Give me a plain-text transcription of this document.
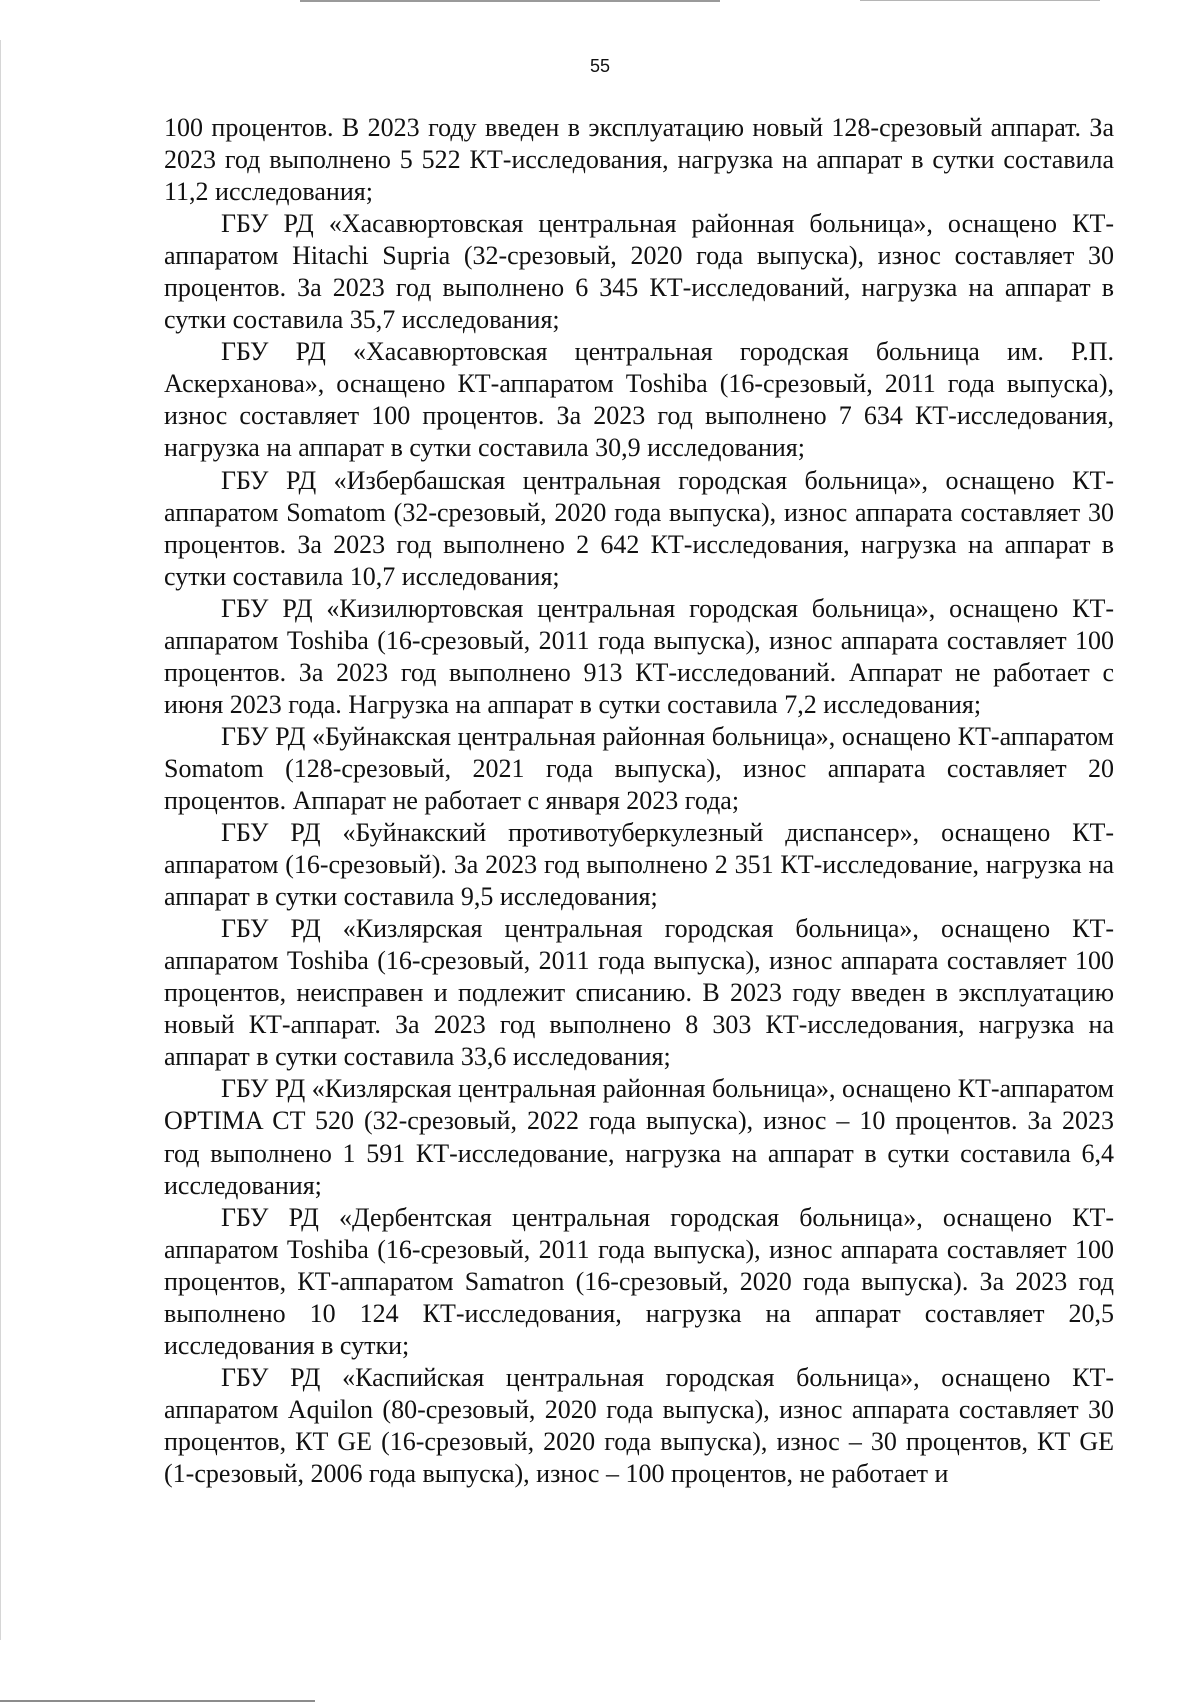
55

100 процентов. В 2023 году введен в эксплуатацию новый 128-срезовый аппарат. За 2023 год выполнено 5 522 КТ-исследования, нагрузка на аппарат в сутки составила 11,2 исследования;

ГБУ РД «Хасавюртовская центральная районная больница», оснащено КТ-аппаратом Hitachi Supria (32-срезовый, 2020 года выпуска), износ составляет 30 процентов. За 2023 год выполнено 6 345 КТ-исследований, нагрузка на аппарат в сутки составила 35,7 исследования;

ГБУ РД «Хасавюртовская центральная городская больница им. Р.П. Аскерханова», оснащено КТ-аппаратом Toshiba (16-срезовый, 2011 года выпуска), износ составляет 100 процентов. За 2023 год выполнено 7 634 КТ-исследования, нагрузка на аппарат в сутки составила 30,9 исследования;

ГБУ РД «Избербашская центральная городская больница», оснащено КТ-аппаратом Somatom (32-срезовый, 2020 года выпуска), износ аппарата составляет 30 процентов. За 2023 год выполнено 2 642 КТ-исследования, нагрузка на аппарат в сутки составила 10,7 исследования;

ГБУ РД «Кизилюртовская центральная городская больница», оснащено КТ-аппаратом Toshiba (16-срезовый, 2011 года выпуска), износ аппарата составляет 100 процентов. За 2023 год выполнено 913 КТ-исследований. Аппарат не работает с июня 2023 года. Нагрузка на аппарат в сутки составила 7,2 исследования;

ГБУ РД «Буйнакская центральная районная больница», оснащено КТ-аппаратом Somatom (128-срезовый, 2021 года выпуска), износ аппарата составляет 20 процентов. Аппарат не работает с января 2023 года;

ГБУ РД «Буйнакский противотуберкулезный диспансер», оснащено КТ-аппаратом (16-срезовый). За 2023 год выполнено 2 351 КТ-исследование, нагрузка на аппарат в сутки составила 9,5 исследования;

ГБУ РД «Кизлярская центральная городская больница», оснащено КТ-аппаратом Toshiba (16-срезовый, 2011 года выпуска), износ аппарата составляет 100 процентов, неисправен и подлежит списанию. В 2023 году введен в эксплуатацию новый КТ-аппарат. За 2023 год выполнено 8 303 КТ-исследования, нагрузка на аппарат в сутки составила 33,6 исследования;

ГБУ РД «Кизлярская центральная районная больница», оснащено КТ-аппаратом OPTIMA CT 520 (32-срезовый, 2022 года выпуска), износ – 10 процентов. За 2023 год выполнено 1 591 КТ-исследование, нагрузка на аппарат в сутки составила 6,4 исследования;

ГБУ РД «Дербентская центральная городская больница», оснащено КТ-аппаратом Toshiba (16-срезовый, 2011 года выпуска), износ аппарата составляет 100 процентов, КТ-аппаратом Samatron (16-срезовый, 2020 года выпуска). За 2023 год выполнено 10 124 КТ-исследования, нагрузка на аппарат составляет 20,5 исследования в сутки;

ГБУ РД «Каспийская центральная городская больница», оснащено КТ-аппаратом Aquilon (80-срезовый, 2020 года выпуска), износ аппарата составляет 30 процентов, КТ GE (16-срезовый, 2020 года выпуска), износ – 30 процентов, КТ GE (1-срезовый, 2006 года выпуска), износ – 100 процентов, не работает и
